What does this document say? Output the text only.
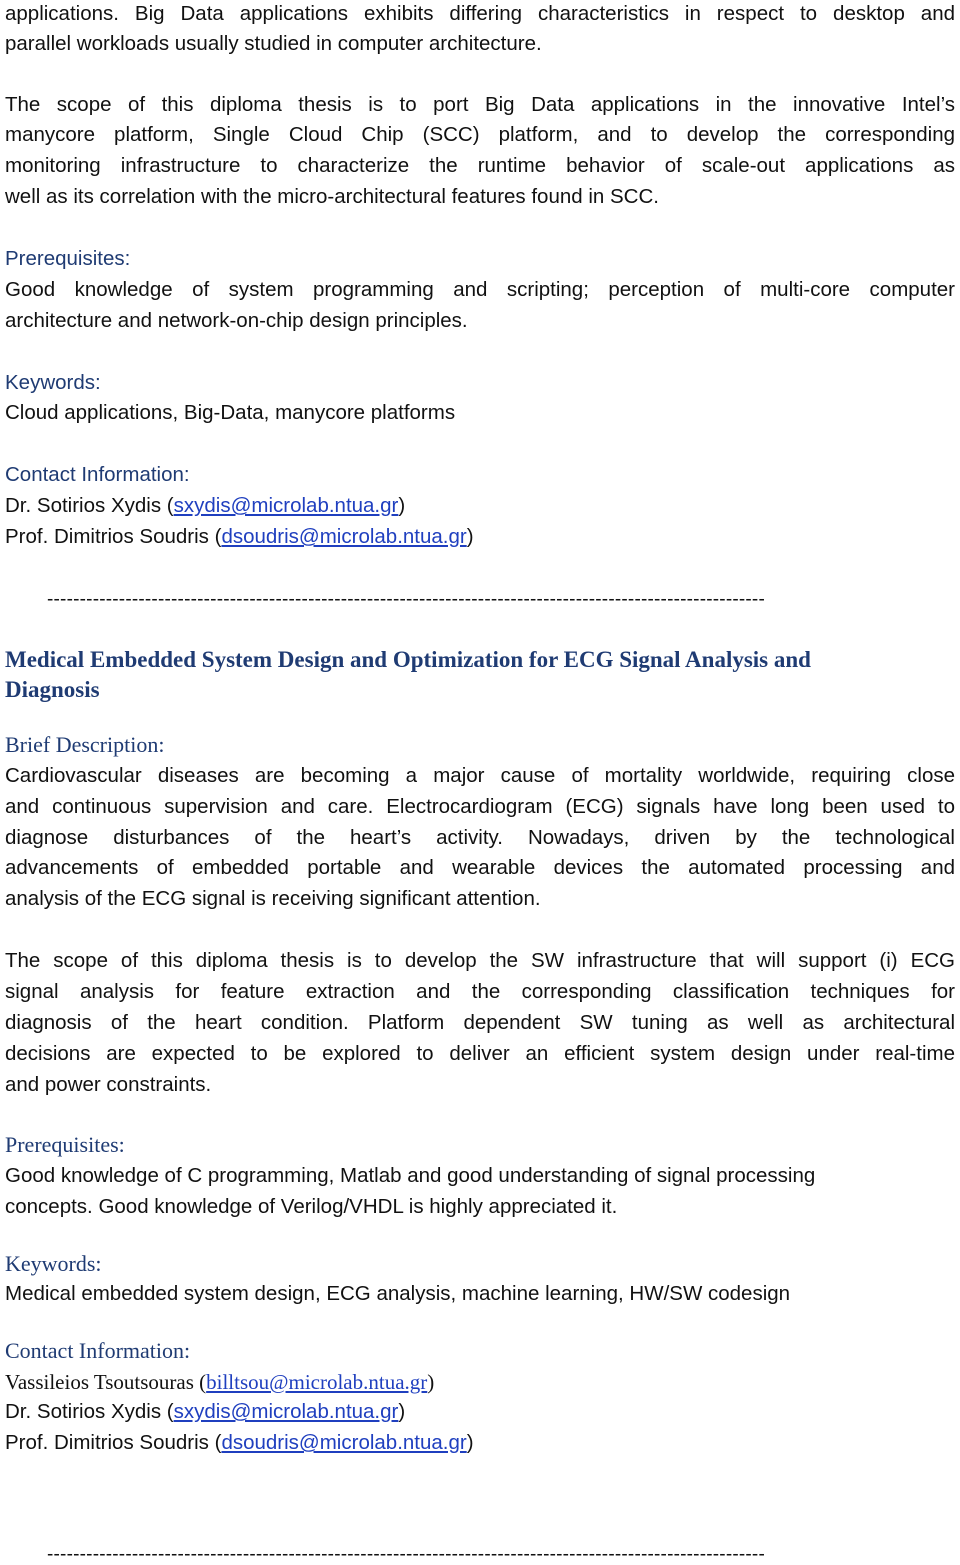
applications. Big Data applications exhibits differing characteristics in respect to desktop and
parallel workloads usually studied in computer architecture.
The scope of this diploma thesis is to port Big Data applications in the innovative Intel’s
manycore platform, Single Cloud Chip (SCC) platform, and to develop the corresponding
monitoring infrastructure to characterize the runtime behavior of scale-out applications as
well as its correlation with the micro-architectural features found in SCC.
Prerequisites:
Good knowledge of system programming and scripting; perception of multi-core computer
architecture and network-on-chip design principles.
Keywords:
Cloud applications, Big-Data, manycore platforms
Contact Information:
Dr. Sotirios Xydis (sxydis@microlab.ntua.gr)
Prof. Dimitrios Soudris (dsoudris@microlab.ntua.gr)
--------------------------------------------------------------------------------------------------------------
Medical Embedded System Design and Optimization for ECG Signal Analysis and
Diagnosis
Brief Description:
Cardiovascular diseases are becoming a major cause of mortality worldwide, requiring close
and continuous supervision and care. Electrocardiogram (ECG) signals have long been used to
diagnose disturbances of the heart’s activity. Nowadays, driven by the technological
advancements of embedded portable and wearable devices the automated processing and
analysis of the ECG signal is receiving significant attention.
The scope of this diploma thesis is to develop the SW infrastructure that will support (i) ECG
signal analysis for feature extraction and the corresponding classification techniques for
diagnosis of the heart condition. Platform dependent SW tuning as well as architectural
decisions are expected to be explored to deliver an efficient system design under real-time
and power constraints.
Prerequisites:
Good knowledge of C programming, Matlab and good understanding of signal processing
concepts. Good knowledge of Verilog/VHDL is highly appreciated it.
Keywords:
Medical embedded system design, ECG analysis, machine learning, HW/SW codesign
Contact Information:
Vassileios Tsoutsouras (billtsou@microlab.ntua.gr)
Dr. Sotirios Xydis (sxydis@microlab.ntua.gr)
Prof. Dimitrios Soudris (dsoudris@microlab.ntua.gr)
--------------------------------------------------------------------------------------------------------------
